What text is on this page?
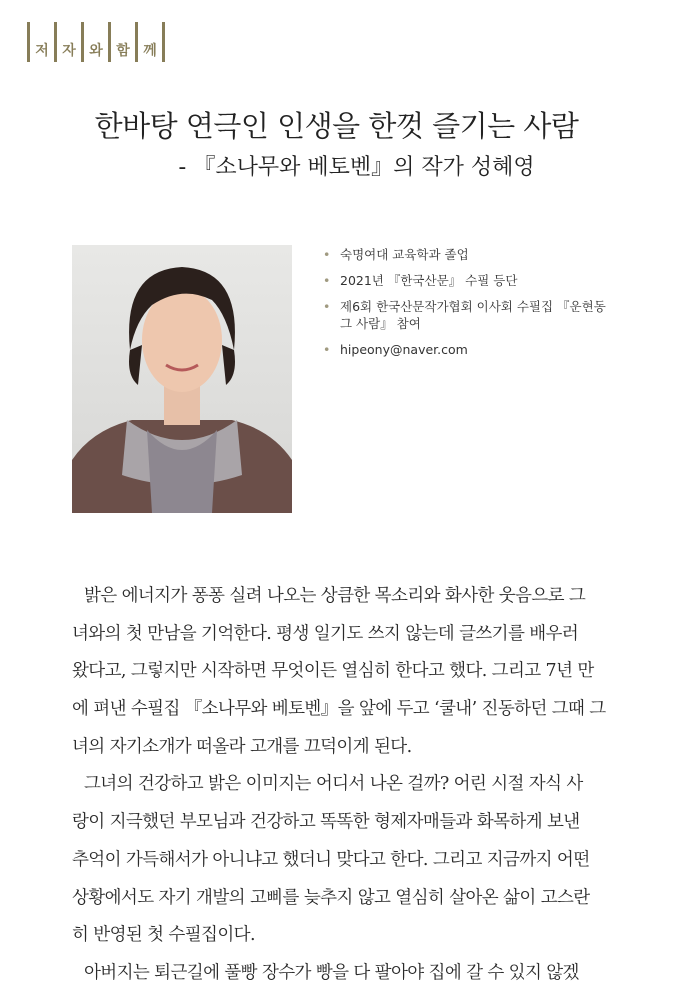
저 자 와 함 께
한바탕 연극인 인생을 한껏 즐기는 사람
- 『소나무와 베토벤』의 작가 성혜영
• 숙명여대 교육학과 졸업
• 2021년 『한국산문』 수필 등단
• 제6회 한국산문작가협회 이사회 수필집 『운현동 그 사람』 참여
• hipeony@naver.com
밝은 에너지가 퐁퐁 실려 나오는 상큼한 목소리와 화사한 웃음으로 그
녀와의 첫 만남을 기억한다. 평생 일기도 쓰지 않는데 글쓰기를 배우러
왔다고, 그렇지만 시작하면 무엇이든 열심히 한다고 했다. 그리고 7년 만
에 펴낸 수필집 『소나무와 베토벤』을 앞에 두고 ‘쿨내’ 진동하던 그때 그
녀의 자기소개가 떠올라 고개를 끄덕이게 된다.
그녀의 건강하고 밝은 이미지는 어디서 나온 걸까? 어린 시절 자식 사
랑이 지극했던 부모님과 건강하고 똑똑한 형제자매들과 화목하게 보낸
추억이 가득해서가 아니냐고 했더니 맞다고 한다. 그리고 지금까지 어떤
상황에서도 자기 개발의 고삐를 늦추지 않고 열심히 살아온 삶이 고스란
히 반영된 첫 수필집이다.
아버지는 퇴근길에 풀빵 장수가 빵을 다 팔아야 집에 갈 수 있지 않겠
